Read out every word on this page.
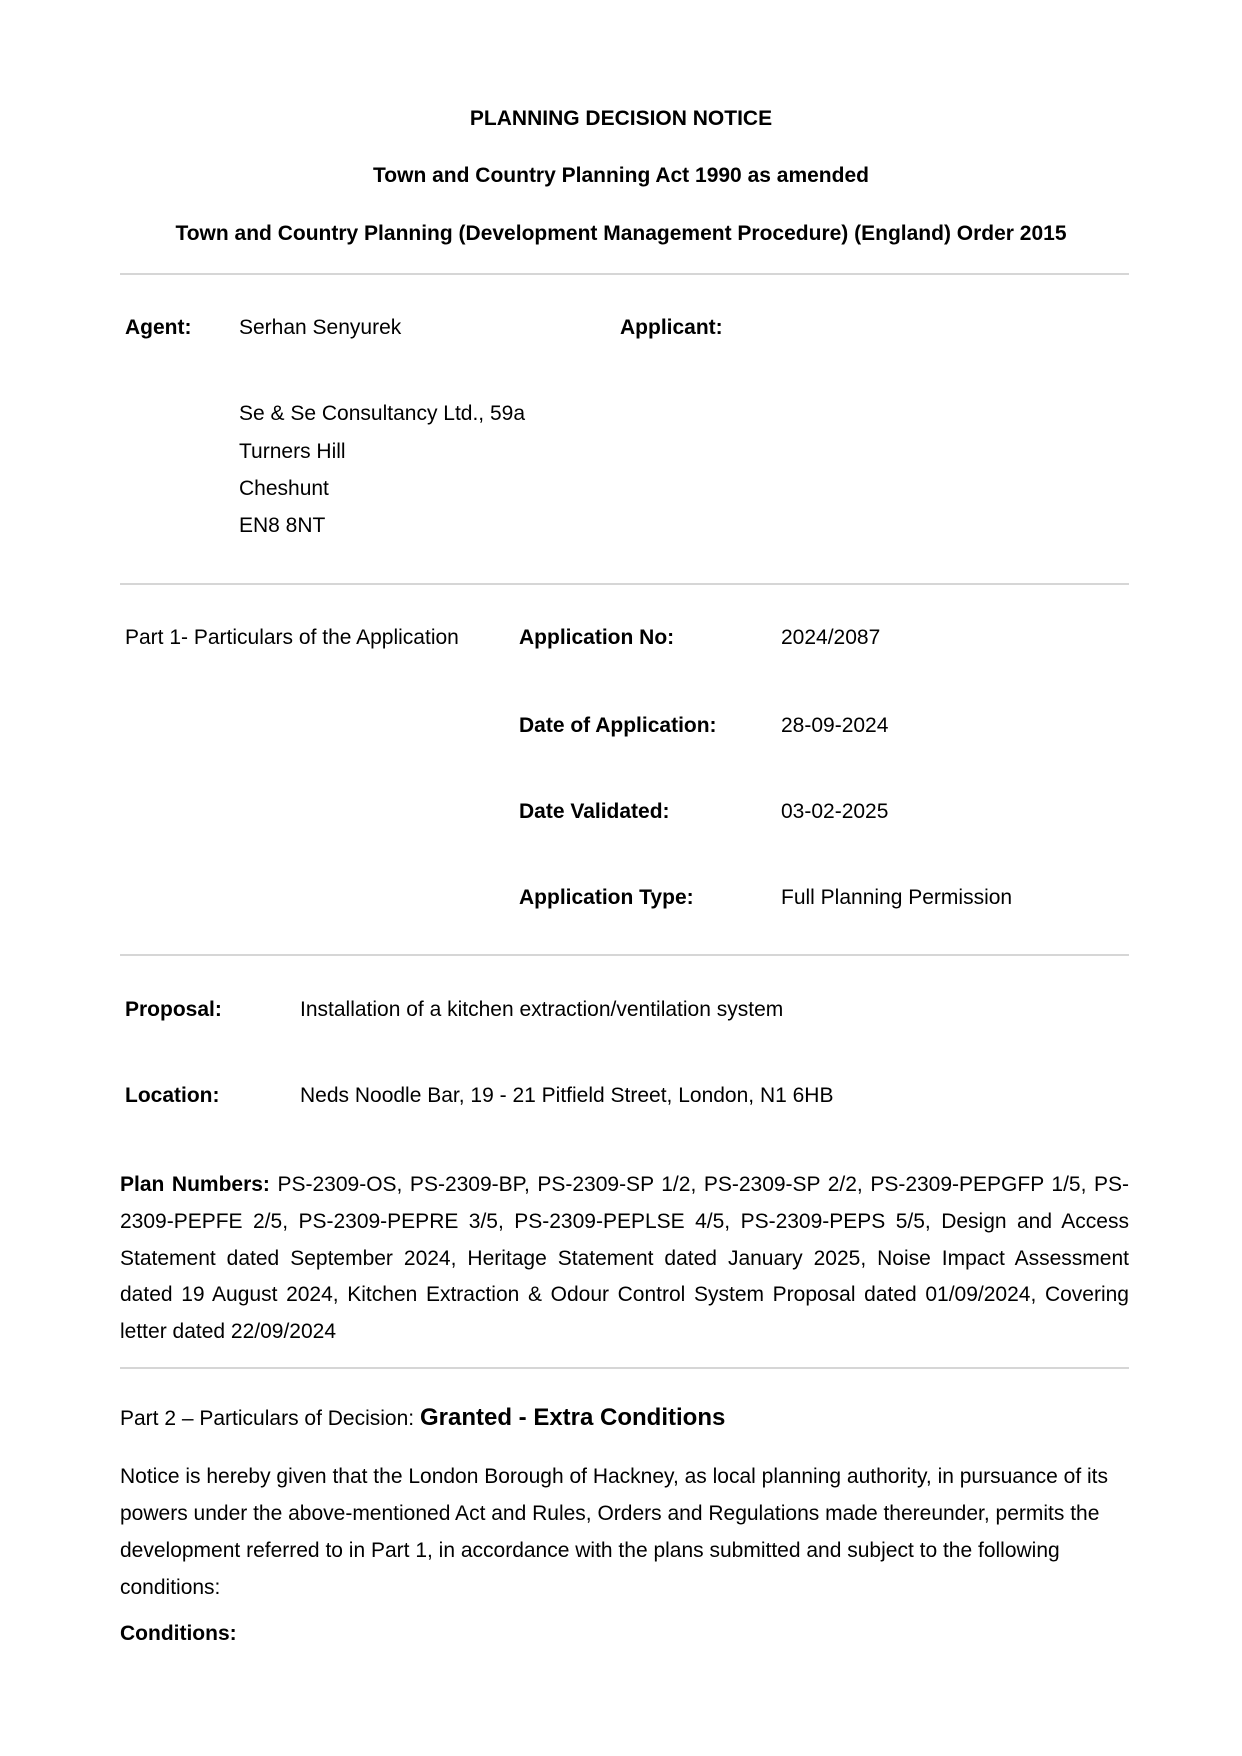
PLANNING DECISION NOTICE
Town and Country Planning Act 1990 as amended
Town and Country Planning (Development Management Procedure) (England) Order 2015
Agent: Serhan Senyurek	Applicant:
Se & Se Consultancy Ltd., 59a
Turners Hill
Cheshunt
EN8 8NT
Part 1- Particulars of the Application	Application No:	2024/2087
Date of Application:	28-09-2024
Date Validated:	03-02-2025
Application Type:	Full Planning Permission
Proposal:	Installation of a kitchen extraction/ventilation system
Location:	Neds Noodle Bar, 19 - 21 Pitfield Street, London, N1 6HB
Plan Numbers: PS-2309-OS, PS-2309-BP, PS-2309-SP 1/2, PS-2309-SP 2/2, PS-2309-PEPGFP 1/5, PS-2309-PEPFE 2/5, PS-2309-PEPRE 3/5, PS-2309-PEPLSE 4/5, PS-2309-PEPS 5/5, Design and Access Statement dated September 2024, Heritage Statement dated January 2025, Noise Impact Assessment dated 19 August 2024, Kitchen Extraction & Odour Control System Proposal dated 01/09/2024, Covering letter dated 22/09/2024
Part 2 – Particulars of Decision: Granted - Extra Conditions
Notice is hereby given that the London Borough of Hackney, as local planning authority, in pursuance of its powers under the above-mentioned Act and Rules, Orders and Regulations made thereunder, permits the development referred to in Part 1, in accordance with the plans submitted and subject to the following conditions:
Conditions:
